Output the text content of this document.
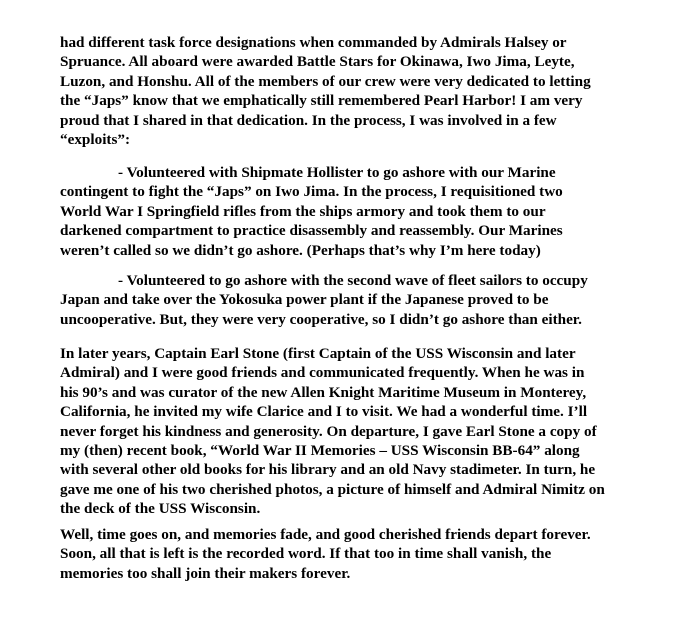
had different task force designations when commanded by Admirals Halsey or
Spruance. All aboard were awarded Battle Stars for Okinawa, Iwo Jima, Leyte,
Luzon, and Honshu. All of the members of our crew were very dedicated to letting
the “Japs” know that we emphatically still remembered Pearl Harbor! I am very
proud that I shared in that dedication. In the process, I was involved in a few
“exploits”:
- Volunteered with Shipmate Hollister to go ashore with our Marine
contingent to fight the “Japs” on Iwo Jima. In the process, I requisitioned two
World War I Springfield rifles from the ships armory and took them to our
darkened compartment to practice disassembly and reassembly. Our Marines
weren’t called so we didn’t go ashore. (Perhaps that’s why I’m here today)
- Volunteered to go ashore with the second wave of fleet sailors to occupy
Japan and take over the Yokosuka power plant if the Japanese proved to be
uncooperative. But, they were very cooperative, so I didn’t go ashore than either.
In later years, Captain Earl Stone (first Captain of the USS Wisconsin and later
Admiral) and I were good friends and communicated frequently. When he was in
his 90’s and was curator of the new Allen Knight Maritime Museum in Monterey,
California, he invited my wife Clarice and I to visit. We had a wonderful time. I’ll
never forget his kindness and generosity. On departure, I gave Earl Stone a copy of
my (then) recent book, “World War II Memories – USS Wisconsin BB-64” along
with several other old books for his library and an old Navy stadimeter. In turn, he
gave me one of his two cherished photos, a picture of himself and Admiral Nimitz on
the deck of the USS Wisconsin.
Well, time goes on, and memories fade, and good cherished friends depart forever.
Soon, all that is left is the recorded word. If that too in time shall vanish, the
memories too shall join their makers forever.
